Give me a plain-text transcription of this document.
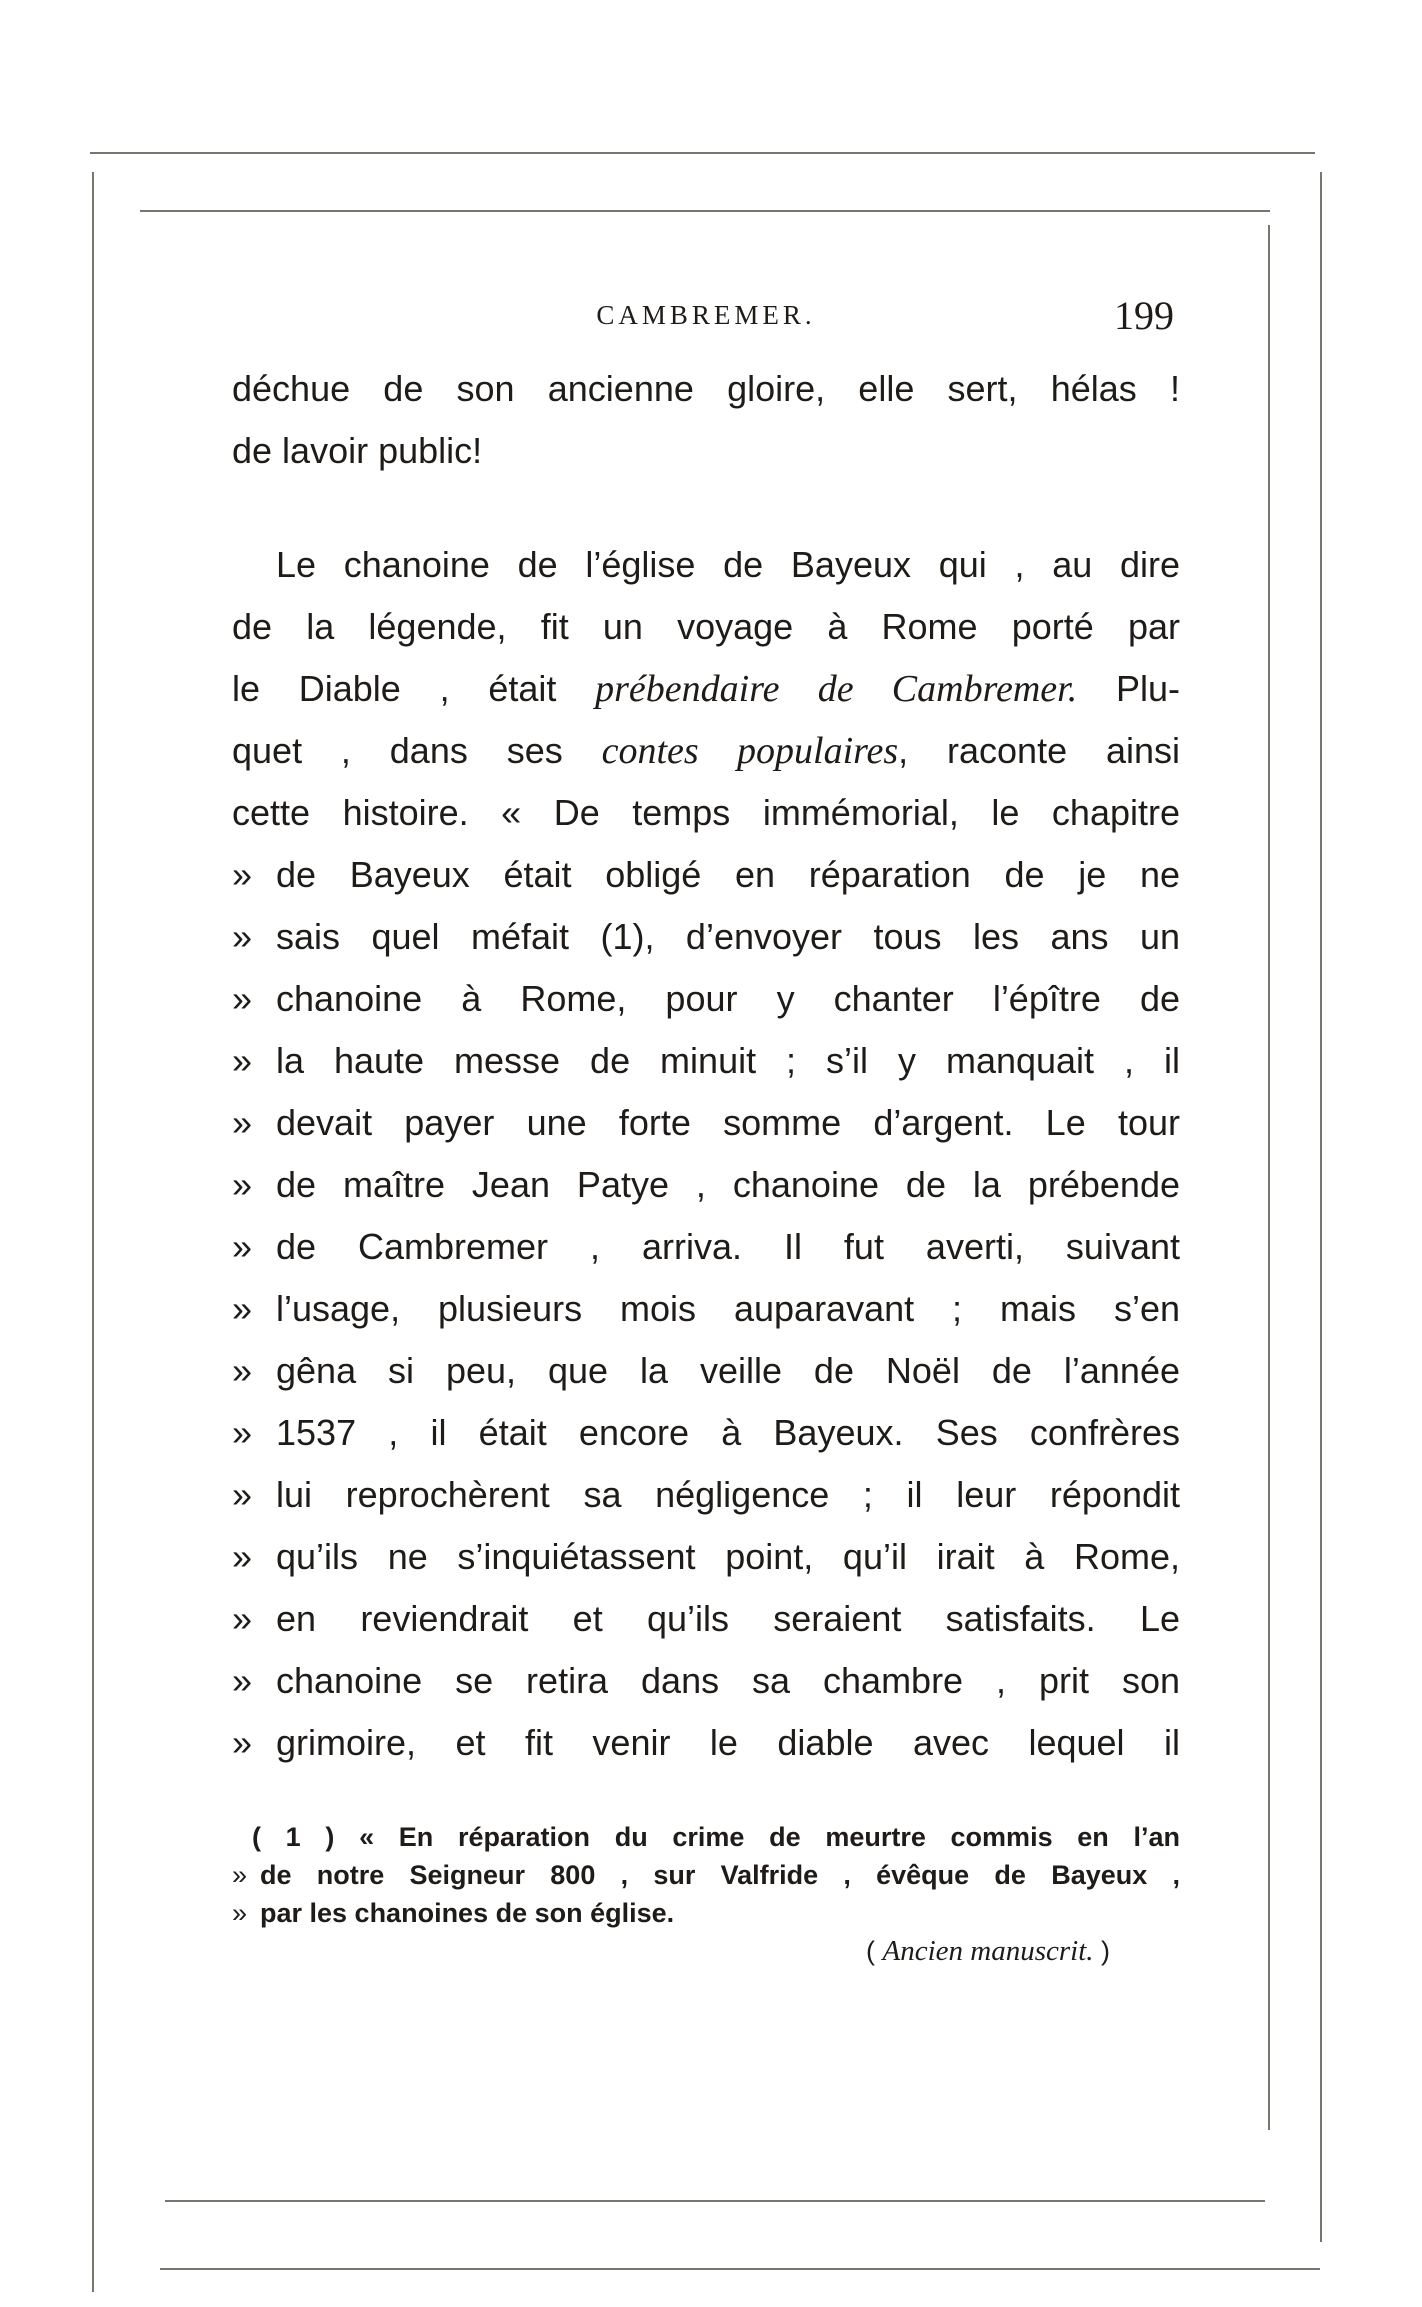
CAMBREMER.	199
déchue de son ancienne gloire, elle sert, hélas !
de lavoir public!
Le chanoine de l’église de Bayeux qui , au dire
de la légende, fit un voyage à Rome porté par
le Diable , était prébendaire de Cambremer. Plu-
quet , dans ses contes populaires, raconte ainsi
cette histoire. « De temps immémorial, le chapitre
» de Bayeux était obligé en réparation de je ne
» sais quel méfait (1), d’envoyer tous les ans un
» chanoine à Rome, pour y chanter l’épître de
» la haute messe de minuit ; s’il y manquait , il
» devait payer une forte somme d’argent. Le tour
» de maître Jean Patye , chanoine de la prébende
» de Cambremer , arriva. Il fut averti, suivant
» l’usage, plusieurs mois auparavant ; mais s’en
» gêna si peu, que la veille de Noël de l’année
» 1537 , il était encore à Bayeux. Ses confrères
» lui reprochèrent sa négligence ; il leur répondit
» qu’ils ne s’inquiétassent point, qu’il irait à Rome,
» en reviendrait et qu’ils seraient satisfaits. Le
» chanoine se retira dans sa chambre , prit son
» grimoire, et fit venir le diable avec lequel il
( 1 ) « En réparation du crime de meurtre commis en l’an
» de notre Seigneur 800 , sur Valfride , évêque de Bayeux ,
» par les chanoines de son église.
( Ancien manuscrit. )
